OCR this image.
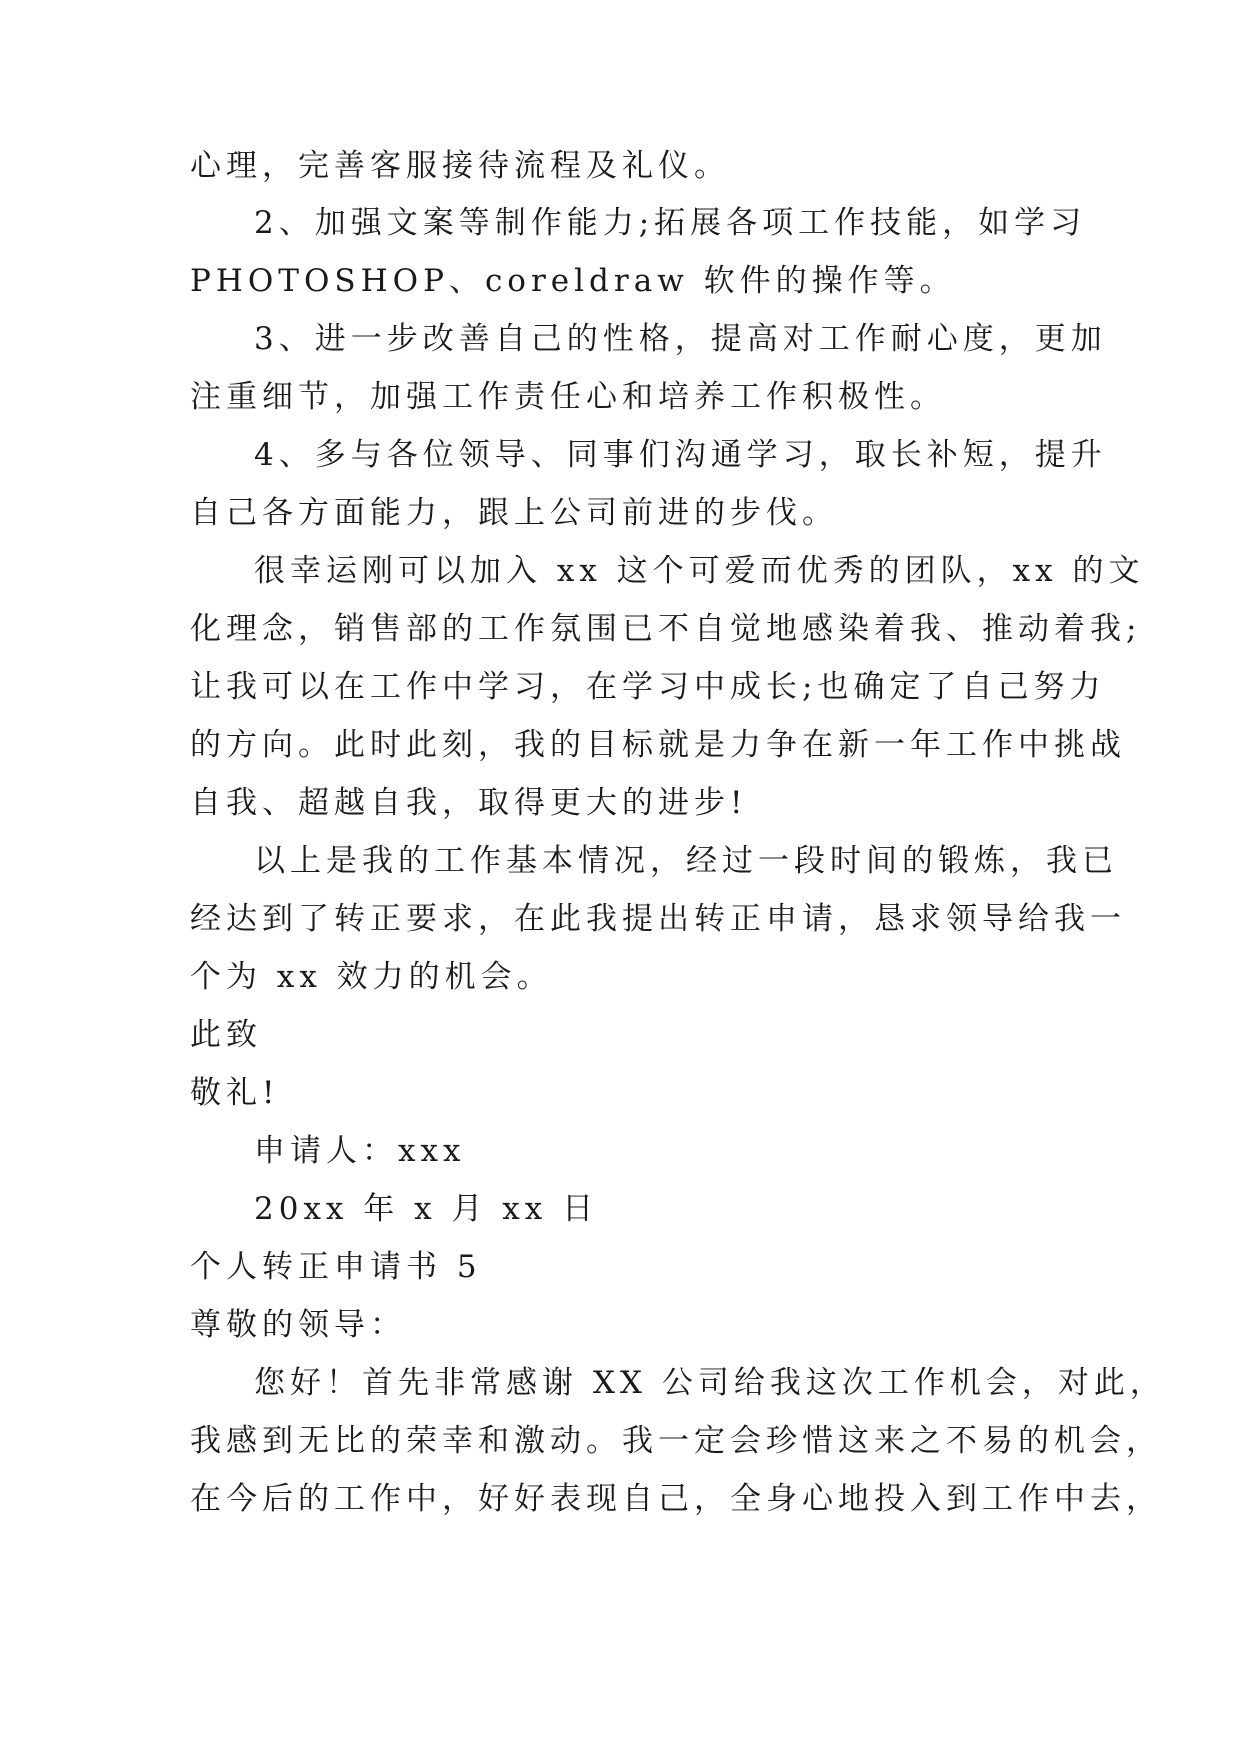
心理，完善客服接待流程及礼仪。
2、加强文案等制作能力;拓展各项工作技能，如学习
PHOTOSHOP、coreldraw 软件的操作等。
3、进一步改善自己的性格，提高对工作耐心度，更加
注重细节，加强工作责任心和培养工作积极性。
4、多与各位领导、同事们沟通学习，取长补短，提升
自己各方面能力，跟上公司前进的步伐。
很幸运刚可以加入 xx 这个可爱而优秀的团队，xx 的文
化理念，销售部的工作氛围已不自觉地感染着我、推动着我;
让我可以在工作中学习，在学习中成长;也确定了自己努力
的方向。此时此刻，我的目标就是力争在新一年工作中挑战
自我、超越自我，取得更大的进步!
以上是我的工作基本情况，经过一段时间的锻炼，我已
经达到了转正要求，在此我提出转正申请，恳求领导给我一
个为 xx 效力的机会。
此致
敬礼!
申请人：xxx
20xx 年 x 月 xx 日
个人转正申请书 5
尊敬的领导：
您好！首先非常感谢 XX 公司给我这次工作机会，对此，
我感到无比的荣幸和激动。我一定会珍惜这来之不易的机会，
在今后的工作中，好好表现自己，全身心地投入到工作中去，
